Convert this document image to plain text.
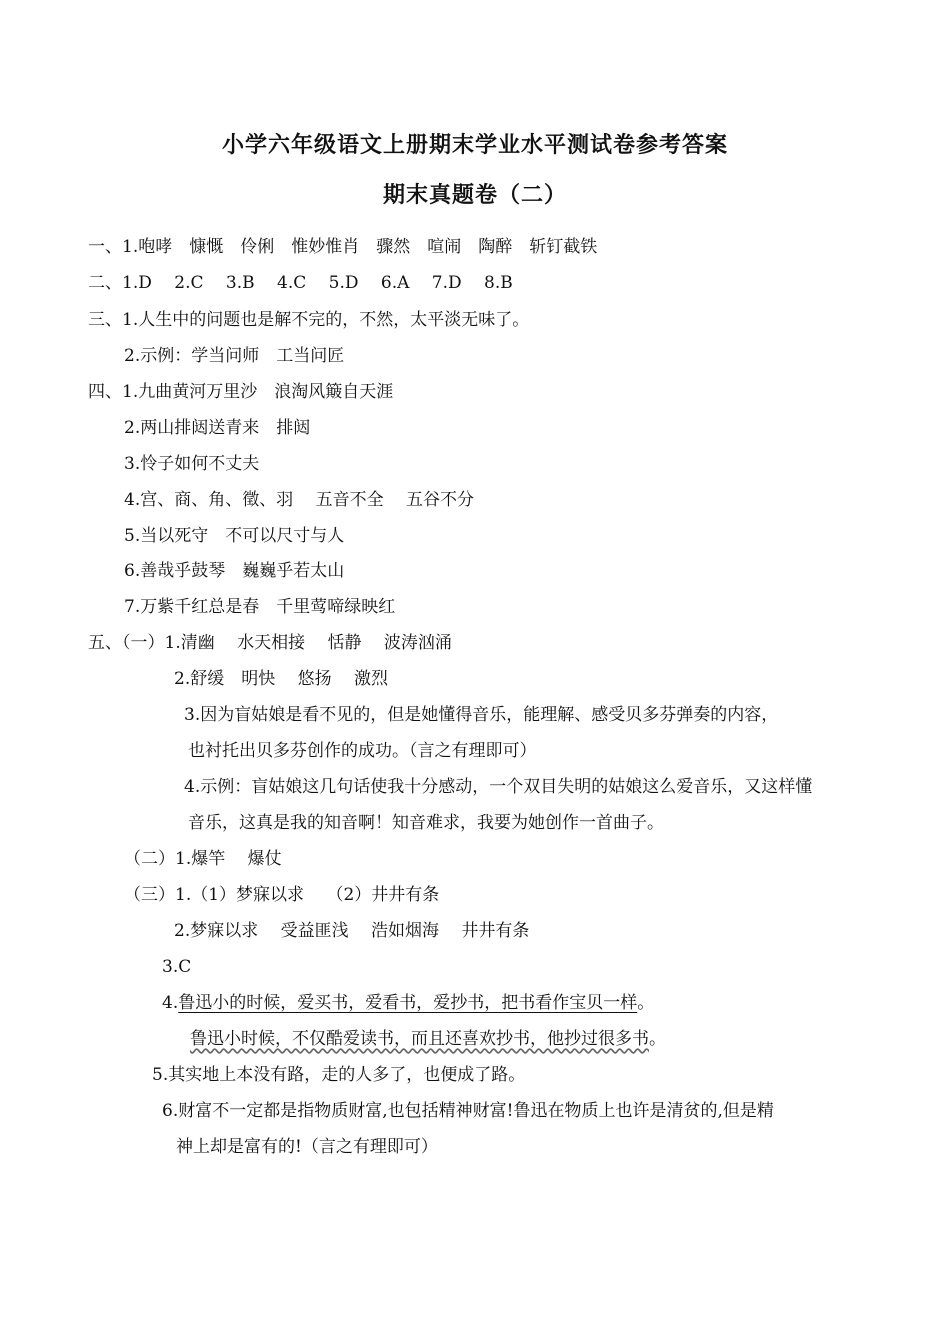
小学六年级语文上册期末学业水平测试卷参考答案
期末真题卷（二）
一、1.咆哮　慷慨　伶俐　惟妙惟肖　骤然　喧闹　陶醉　斩钉截铁
二、1.D　 2.C　 3.B　 4.C　 5.D　 6.A　 7.D　 8.B
三、1.人生中的问题也是解不完的，不然，太平淡无味了。
2.示例：学当问师　工当问匠
四、1.九曲黄河万里沙　浪淘风簸自天涯
2.两山排闼送青来　排闼
3.怜子如何不丈夫
4.宫、商、角、徵、羽　 五音不全　 五谷不分
5.当以死守　不可以尺寸与人
6.善哉乎鼓琴　巍巍乎若太山
7.万紫千红总是春　千里莺啼绿映红
五、（一）1.清幽　 水天相接　 恬静　 波涛汹涌
2.舒缓　明快　 悠扬　 激烈
3.因为盲姑娘是看不见的，但是她懂得音乐，能理解、感受贝多芬弹奏的内容，
也衬托出贝多芬创作的成功。（言之有理即可）
4.示例：盲姑娘这几句话使我十分感动，一个双目失明的姑娘这么爱音乐，又这样懂
音乐，这真是我的知音啊！知音难求，我要为她创作一首曲子。
（二）1.爆竿　 爆仗
（三）1.（1）梦寐以求　 （2）井井有条
2.梦寐以求　 受益匪浅　 浩如烟海　 井井有条
3.C
4.鲁迅小的时候，爱买书，爱看书，爱抄书，把书看作宝贝一样。
鲁迅小时候，不仅酷爱读书，而且还喜欢抄书，他抄过很多书。
5.其实地上本没有路，走的人多了，也便成了路。
6.财富不一定都是指物质财富,也包括精神财富!鲁迅在物质上也许是清贫的,但是精
神上却是富有的!（言之有理即可）
